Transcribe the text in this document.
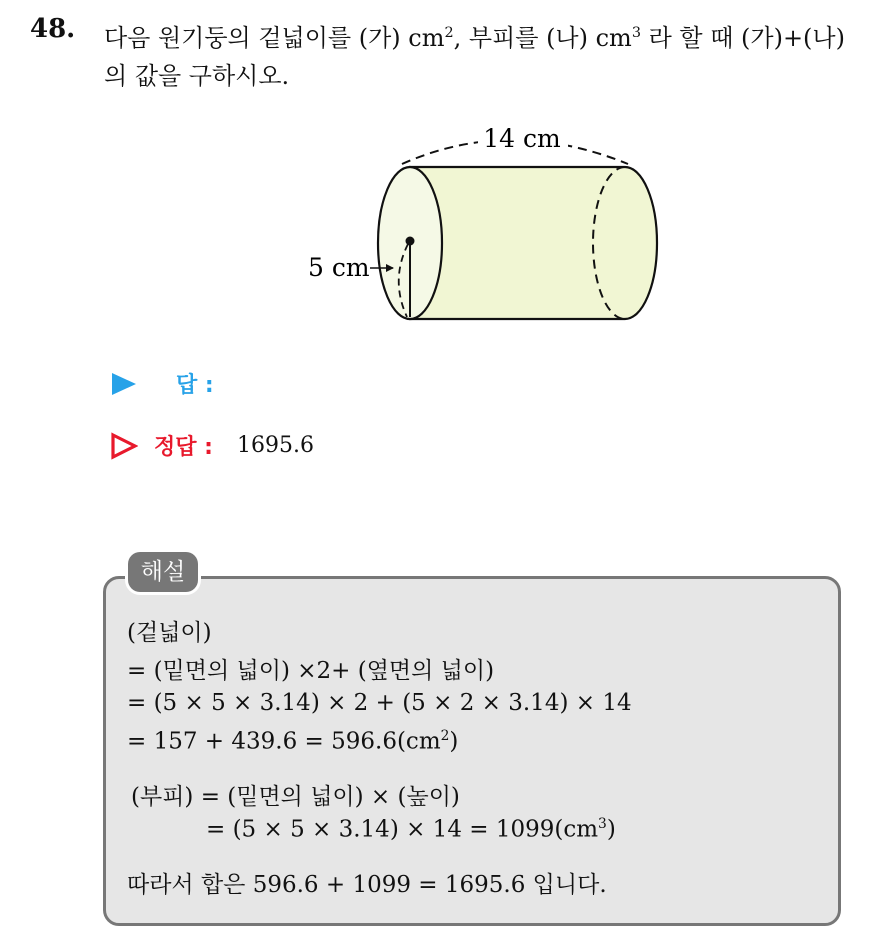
48. 다음 원기둥의 겉넓이를 (가) $cm^2$, 부피를 (나) $cm^3$ 라 할 때 (가)+(나)
의 값을 구하시오.
14 cm
5 cm
답 :
정답 : 1695.6
해설
(겉넓이)
= (밑면의 넓이) ×2+ (옆면의 넓이)
= (5 × 5 × 3.14) × 2 + (5 × 2 × 3.14) × 14
= $157 + 439.6 = 596.6(cm^2)$
(부피) = (밑면의 넓이) × (높이)
= $(5 \times 5 \times 3.14) \times 14 = 1099(cm^3)$
따라서 합은 596.6 + 1099 = 1695.6 입니다.
